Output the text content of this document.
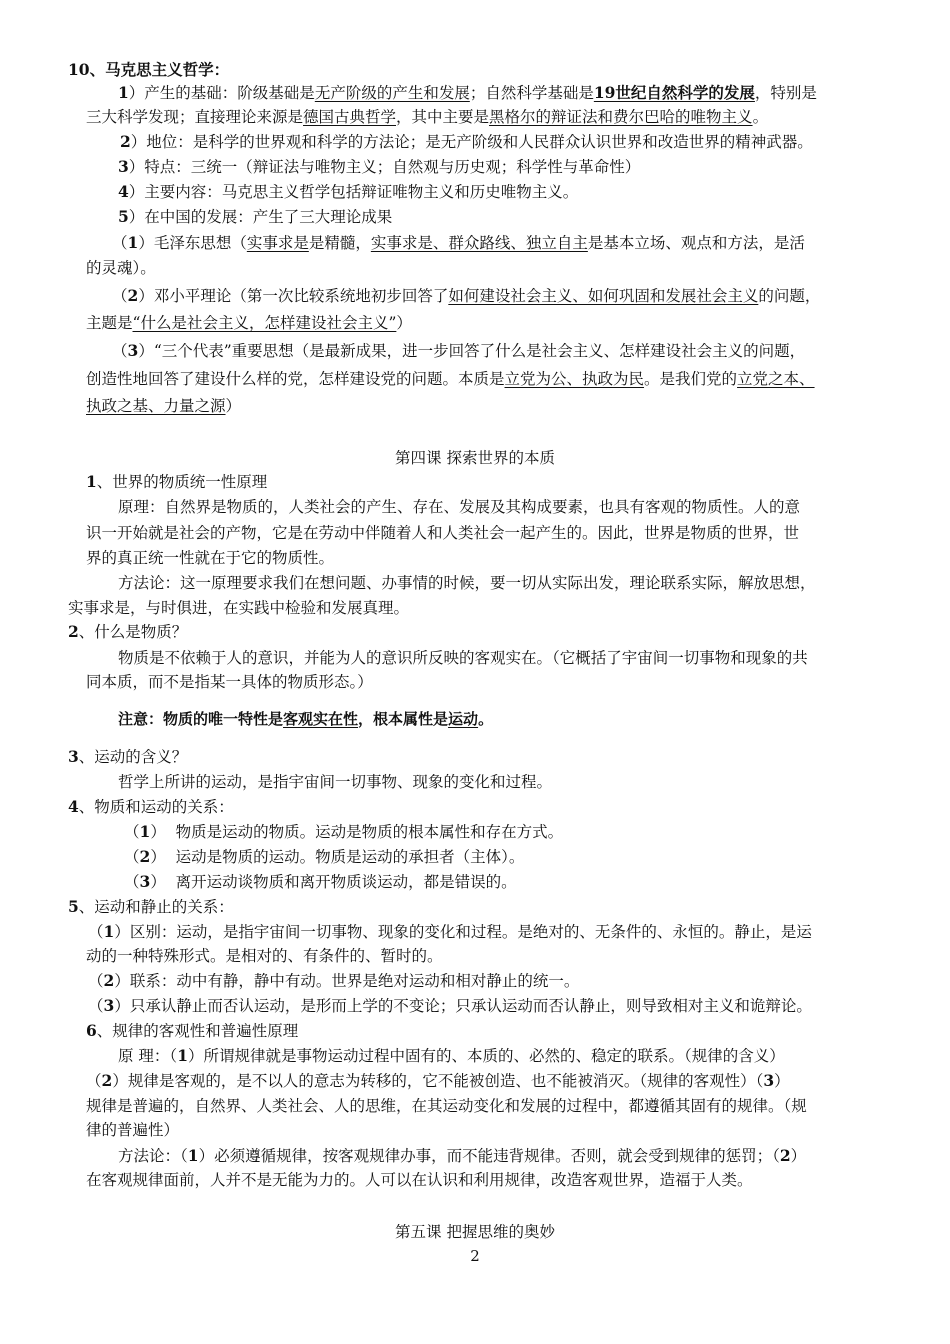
10、马克思主义哲学：
1）产生的基础：阶级基础是无产阶级的产生和发展；自然科学基础是19世纪自然科学的发展，特别是
三大科学发现；直接理论来源是德国古典哲学，其中主要是黑格尔的辩证法和费尔巴哈的唯物主义。
2）地位：是科学的世界观和科学的方法论；是无产阶级和人民群众认识世界和改造世界的精神武器。
3）特点：三统一（辩证法与唯物主义；自然观与历史观；科学性与革命性）
4）主要内容：马克思主义哲学包括辩证唯物主义和历史唯物主义。
5）在中国的发展：产生了三大理论成果
（1）毛泽东思想（实事求是是精髓，实事求是、群众路线、独立自主是基本立场、观点和方法，是活
的灵魂）。
（2）邓小平理论（第一次比较系统地初步回答了如何建设社会主义、如何巩固和发展社会主义的问题，
主题是“什么是社会主义，怎样建设社会主义”）
（3）“三个代表”重要思想（是最新成果，进一步回答了什么是社会主义、怎样建设社会主义的问题，
创造性地回答了建设什么样的党，怎样建设党的问题。本质是立党为公、执政为民。是我们党的立党之本、
执政之基、力量之源）
第四课 探索世界的本质
1、世界的物质统一性原理
原理：自然界是物质的，人类社会的产生、存在、发展及其构成要素，也具有客观的物质性。人的意
识一开始就是社会的产物，它是在劳动中伴随着人和人类社会一起产生的。因此，世界是物质的世界，世
界的真正统一性就在于它的物质性。
方法论：这一原理要求我们在想问题、办事情的时候，要一切从实际出发，理论联系实际，解放思想，
实事求是，与时俱进，在实践中检验和发展真理。
2、什么是物质？
物质是不依赖于人的意识，并能为人的意识所反映的客观实在。（它概括了宇宙间一切事物和现象的共
同本质，而不是指某一具体的物质形态。）
注意：物质的唯一特性是客观实在性，根本属性是运动。
3、运动的含义？
哲学上所讲的运动，是指宇宙间一切事物、现象的变化和过程。
4、物质和运动的关系：
（1）  物质是运动的物质。运动是物质的根本属性和存在方式。
（2）  运动是物质的运动。物质是运动的承担者（主体）。
（3）  离开运动谈物质和离开物质谈运动，都是错误的。
5、运动和静止的关系：
（1）区别：运动，是指宇宙间一切事物、现象的变化和过程。是绝对的、无条件的、永恒的。静止，是运
动的一种特殊形式。是相对的、有条件的、暂时的。
（2）联系：动中有静，静中有动。世界是绝对运动和相对静止的统一。
（3）只承认静止而否认运动，是形而上学的不变论；只承认运动而否认静止，则导致相对主义和诡辩论。
6、规律的客观性和普遍性原理
原 理：（1）所谓规律就是事物运动过程中固有的、本质的、必然的、稳定的联系。（规律的含义）
（2）规律是客观的，是不以人的意志为转移的，它不能被创造、也不能被消灭。（规律的客观性）（3）
规律是普遍的，自然界、人类社会、人的思维，在其运动变化和发展的过程中，都遵循其固有的规律。（规
律的普遍性）
方法论：（1）必须遵循规律，按客观规律办事，而不能违背规律。否则，就会受到规律的惩罚；（2）
在客观规律面前，人并不是无能为力的。人可以在认识和利用规律，改造客观世界，造福于人类。
第五课 把握思维的奥妙
2
